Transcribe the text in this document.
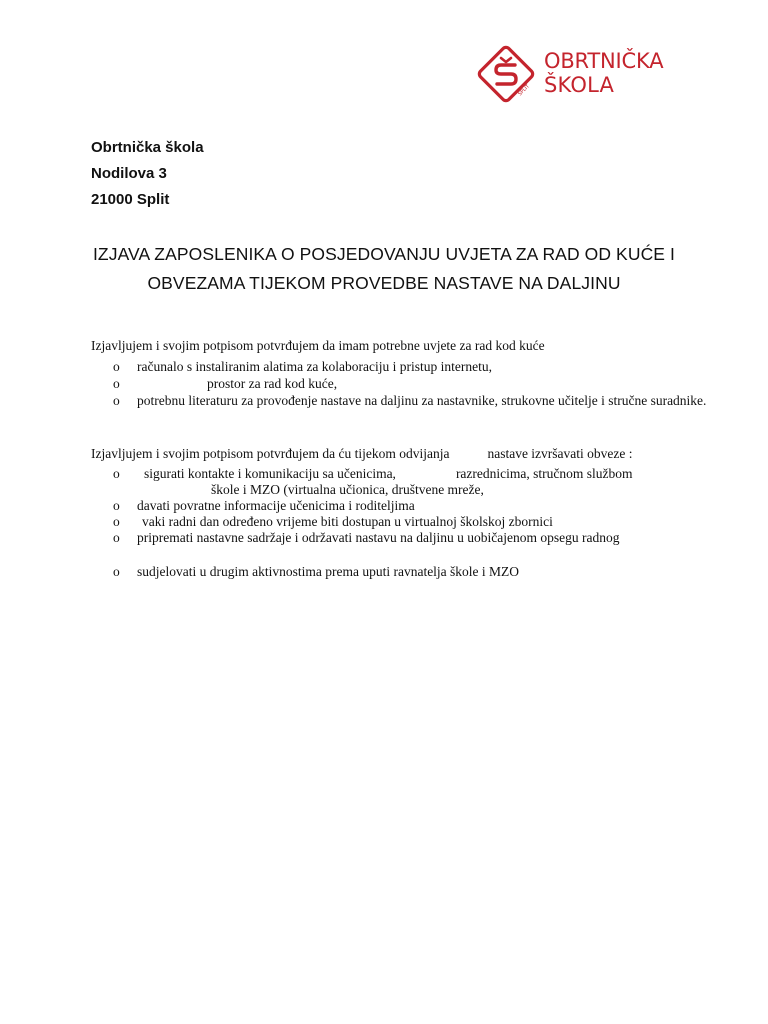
SPLIT
OBRTNIČKA
ŠKOLA
Obrtnička škola
Nodilova 3
21000 Split
IZJAVA ZAPOSLENIKA O POSJEDOVANJU UVJETA ZA RAD OD KUĆE I
OBVEZAMA TIJEKOM PROVEDBE NASTAVE NA DALJINU
Izjavljujem i svojim potpisom potvrđujem da imam potrebne uvjete za rad kod kuće
o	računalo s instaliranim alatima za kolaboraciju i pristup internetu,
o	prostor za rad kod kuće,
o	potrebnu literaturu za provođenje nastave na daljinu za nastavnike, strukovne učitelje i stručne suradnike.
Izjavljujem i svojim potpisom potvrđujem da ću tijekom odvijanja	nastave izvršavati obveze :
o	sigurati kontakte i komunikaciju sa učenicima,	razrednicima, stručnom službom
škole i MZO (virtualna učionica, društvene mreže,
o	davati povratne informacije učenicima i roditeljima
o	vaki radni dan određeno vrijeme biti dostupan u virtualnoj školskoj zbornici
o	pripremati nastavne sadržaje i održavati nastavu na daljinu u uobičajenom opsegu radnog
o	sudjelovati u drugim aktivnostima prema uputi ravnatelja škole i MZO
